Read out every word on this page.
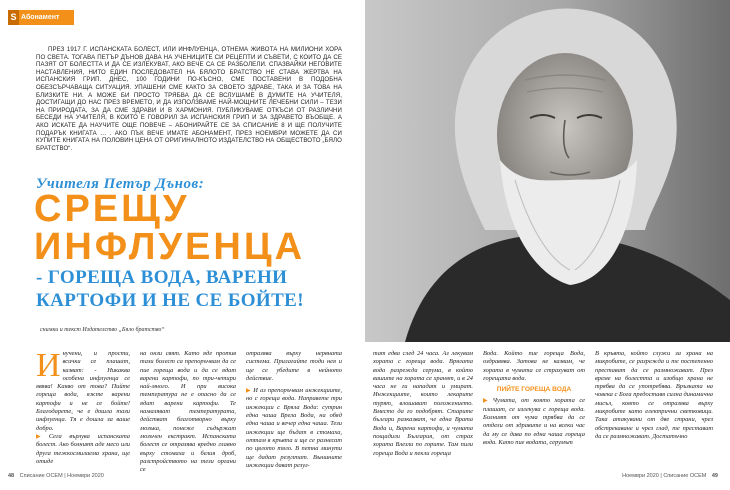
S Абонамент
ПРЕЗ 1917 Г. ИСПАНСКАТА БОЛЕСТ, ИЛИ ИНФЛУЕНЦА, ОТНЕМА ЖИВОТА НА МИЛИОНИ ХОРА ПО СВЕТА. ТОГАВА ПЕТЪР ДЪНОВ ДАВА НА УЧЕНИЦИТЕ СИ РЕЦЕПТИ И СЪВЕТИ, С КОИТО ДА СЕ ПАЗЯТ ОТ БОЛЕСТТА И ДА СЕ ИЗЛЕКУВАТ, АКО ВЕЧЕ СА СЕ РАЗБОЛЕЛИ. СПАЗВАЙКИ НЕГОВИТЕ НАСТАВЛЕНИЯ, НИТО ЕДИН ПОСЛЕДОВАТЕЛ НА БЯЛОТО БРАТСТВО НЕ СТАВА ЖЕРТВА НА ИСПАНСКИЯ ГРИП. ДНЕС, 100 ГОДИНИ ПО-КЪСНО, СМЕ ПОСТАВЕНИ В ПОДОБНА ОБЕЗСЪРЧАВАЩА СИТУАЦИЯ. УПАШЕНИ СМЕ КАКТО ЗА СВОЕТО ЗДРАВЕ, ТАКА И ЗА ТОВА НА БЛИЗКИТЕ НИ. А МОЖЕ БИ ПРОСТО ТРЯБВА ДА СЕ ВСЛУШАМЕ В ДУМИТЕ НА УЧИТЕЛЯ, ДОСТИГАЩИ ДО НАС ПРЕЗ ВРЕМЕТО, И ДА ИЗПОЛЗВАМЕ НАЙ-МОЩНИТЕ ЛЕЧЕБНИ СИЛИ – ТЕЗИ НА ПРИРОДАТА, ЗА ДА СМЕ ЗДРАВИ И В ХАРМОНИЯ. ПУБЛИКУВАМЕ ОТКЪСИ ОТ РАЗЛИЧНИ БЕСЕДИ НА УЧИТЕЛЯ, В КОИТО Е ГОВОРИЛ ЗА ИСПАНСКИЯ ГРИП И ЗА ЗДРАВЕТО ВЪОБЩЕ. А АКО ИСКАТЕ ДА НАУЧИТЕ ОЩЕ ПОВЕЧЕ – АБОНИРАЙТЕ СЕ ЗА СПИСАНИЕ 8 И ЩЕ ПОЛУЧИТЕ ПОДАРЪК КНИГАТА … . АКО ПЪК ВЕЧЕ ИМАТЕ АБОНАМЕНТ, ПРЕЗ НОЕМВРИ МОЖЕТЕ ДА СИ КУПИТЕ КНИГАТА НА ПОЛОВИН ЦЕНА ОТ ОРИГИНАЛНОТО ИЗДАТЕЛСТВО НА ОБЩЕСТВОТО „БЯЛО БРАТСТВО“.
Учителя Петър Дънов:
СРЕЩУ
ИНФЛУЕНЦА
- ГОРЕЩА ВОДА, ВАРЕНИ КАРТОФИ И НЕ СЕ БОЙТЕ!
снимки и текст Издателство „Бяло братство“

И нучени, и прости, всички се плашат, казват: - Никаква особена инфлуенца се явява! Какво от това? Пийте гореща вода, яжте варени картофи и не се бойте! Благодарете, че е дошла тази инфлуенца. Тя е дошла за ваше добро.

▶ Сега върлува испанската болест. Ако болният аде месо или друга тежкосмилаема храна, ще отиде

на онзи свят. Като яде против тази болест са препоръчвам да се пие гореща вода и да се ядат варени картофи, по три-четири най-много. И при висока температура не е опасно да се ядат варени картофи. Те намаляват температурата, действат благотворно върху мозъка, понеже съдържат мозъчен екстракт. Испанската болест се отразява вредно главно върху стомаха и белия дроб, разстройството на тези органи се

отразява върху нервната система. Прилагайте тоди нея и ще се убедите в нейното действие.

▶ И аз препоръчвам инжекциите, но с гореща вода. Направете три инжекции с Вряла Вода: сутрин една чаша Врела Вода, на обяд една чаша и вечер една чаша. Тези инжекции ще бъдат в стомаха, оттам в кръвта и ще се разнесат по цялото тяло. В петна минути ще дадат резултат. Външните инжекции дават резул-

48 Списание ОСЕМ | Ноември 2020

тат едва след 24 часа. Аз лекувам хората с гореща вода. Врялата вода разрежда серума, в който вашите на хората се хранят, и в 24 часа не ги нападат и умират. Инжекциите, които лекарите турят, влошават положението. Вместо да го подобрят. Старите българи разказват, че една Врата Вода и, Варени картофи, и чумата пощадили България, от страх хората Влезли по горите. Там пили гореща Вода и пекли гореща

Вода. Който пие гореща Вода, оздравява. Затова не казвам, че хората в чумата се страхуват от горещата вода.

ПИЙТЕ ГОРЕЩА ВОДА

▶ Чумата, от която хората се плашат, се излекува с гореща вода. Болният от чума трябва да се отдели от здравите и на всеки час да му се дава по една чаша гореща вода. Като пие водата, серумът

В кръвта, който служи за храна на микробите, се разрежда и те постепенно престават да се размножават. През време на болестта и изобщо храна не трябва да се употребява. Връзката на човека с Бога предоставя силна динамична мисъл, която се отразява върху микробите като електрични светковици. Така атакувани от две страни, чрез обстрекаване и чрез глад, те престават да се размножават. Достатъчно

Ноември 2020 | Списание ОСЕМ 49
